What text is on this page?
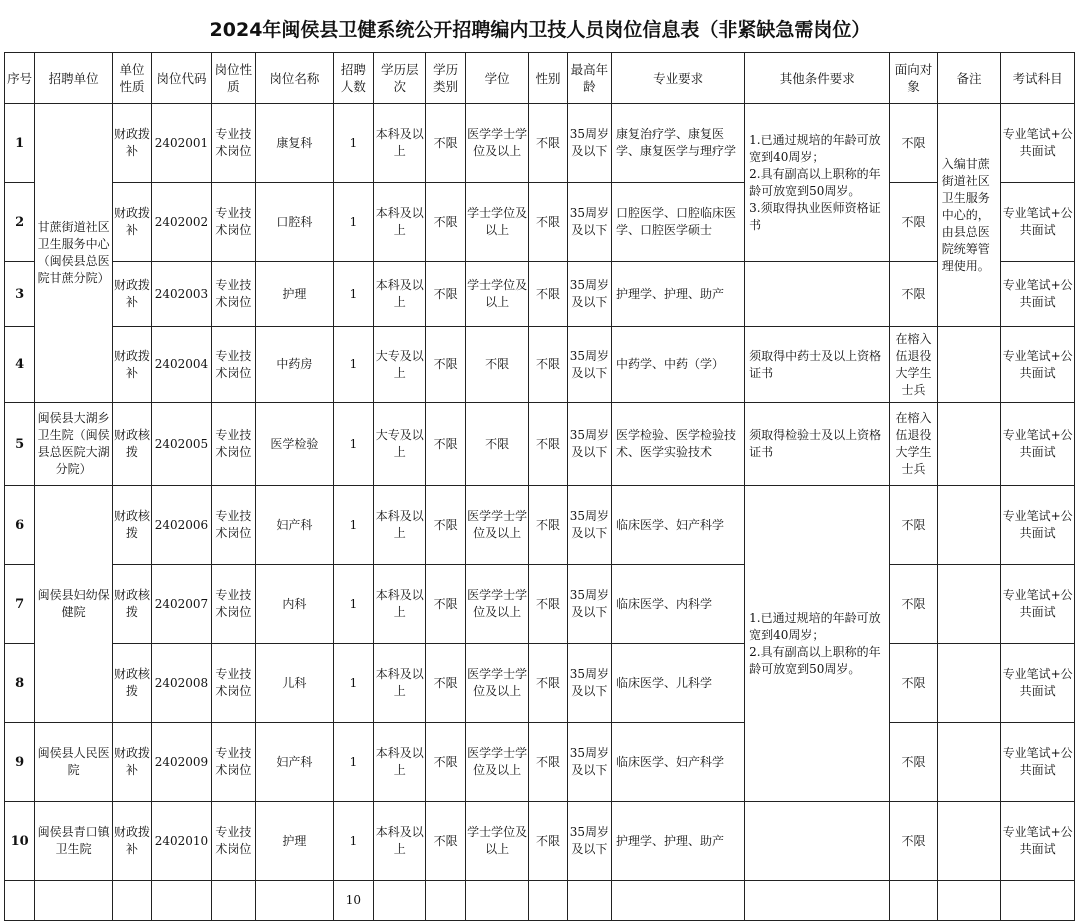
2024年闽侯县卫健系统公开招聘编内卫技人员岗位信息表（非紧缺急需岗位）
序号	招聘单位	单位性质	岗位代码	岗位性质	岗位名称	招聘人数	学历层次	学历类别	学位	性别	最高年龄	专业要求	其他条件要求	面向对象	备注	考试科目
1	甘蔗街道社区卫生服务中心（闽侯县总医院甘蔗分院）	财政拨补	2402001	专业技术岗位	康复科	1	本科及以上	不限	医学学士学位及以上	不限	35周岁及以下	康复治疗学、康复医学、康复医学与理疗学	1.已通过规培的年龄可放宽到40周岁；
2.具有副高以上职称的年龄可放宽到50周岁。
3.须取得执业医师资格证书	不限	入编甘蔗街道社区卫生服务中心的，由县总医院统筹管理使用。	专业笔试+公共面试
2		财政拨补	2402002	专业技术岗位	口腔科	1	本科及以上	不限	学士学位及以上	不限	35周岁及以下	口腔医学、口腔临床医学、口腔医学硕士		不限		专业笔试+公共面试
3		财政拨补	2402003	专业技术岗位	护理	1	本科及以上	不限	学士学位及以上	不限	35周岁及以下	护理学、护理、助产		不限		专业笔试+公共面试
4		财政拨补	2402004	专业技术岗位	中药房	1	大专及以上	不限	不限	不限	35周岁及以下	中药学、中药（学）	须取得中药士及以上资格证书	在榕入伍退役大学生士兵		专业笔试+公共面试
5	闽侯县大湖乡卫生院（闽侯县总医院大湖分院）	财政核拨	2402005	专业技术岗位	医学检验	1	大专及以上	不限	不限	不限	35周岁及以下	医学检验、医学检验技术、医学实验技术	须取得检验士及以上资格证书	在榕入伍退役大学生士兵		专业笔试+公共面试
6	闽侯县妇幼保健院	财政核拨	2402006	专业技术岗位	妇产科	1	本科及以上	不限	医学学士学位及以上	不限	35周岁及以下	临床医学、妇产科学	1.已通过规培的年龄可放宽到40周岁；
2.具有副高以上职称的年龄可放宽到50周岁。	不限		专业笔试+公共面试
7		财政核拨	2402007	专业技术岗位	内科	1	本科及以上	不限	医学学士学位及以上	不限	35周岁及以下	临床医学、内科学		不限		专业笔试+公共面试
8		财政核拨	2402008	专业技术岗位	儿科	1	本科及以上	不限	医学学士学位及以上	不限	35周岁及以下	临床医学、儿科学		不限		专业笔试+公共面试
9	闽侯县人民医院	财政拨补	2402009	专业技术岗位	妇产科	1	本科及以上	不限	医学学士学位及以上	不限	35周岁及以下	临床医学、妇产科学		不限		专业笔试+公共面试
10	闽侯县青口镇卫生院	财政拨补	2402010	专业技术岗位	护理	1	本科及以上	不限	学士学位及以上	不限	35周岁及以下	护理学、护理、助产		不限		专业笔试+公共面试
						10										
